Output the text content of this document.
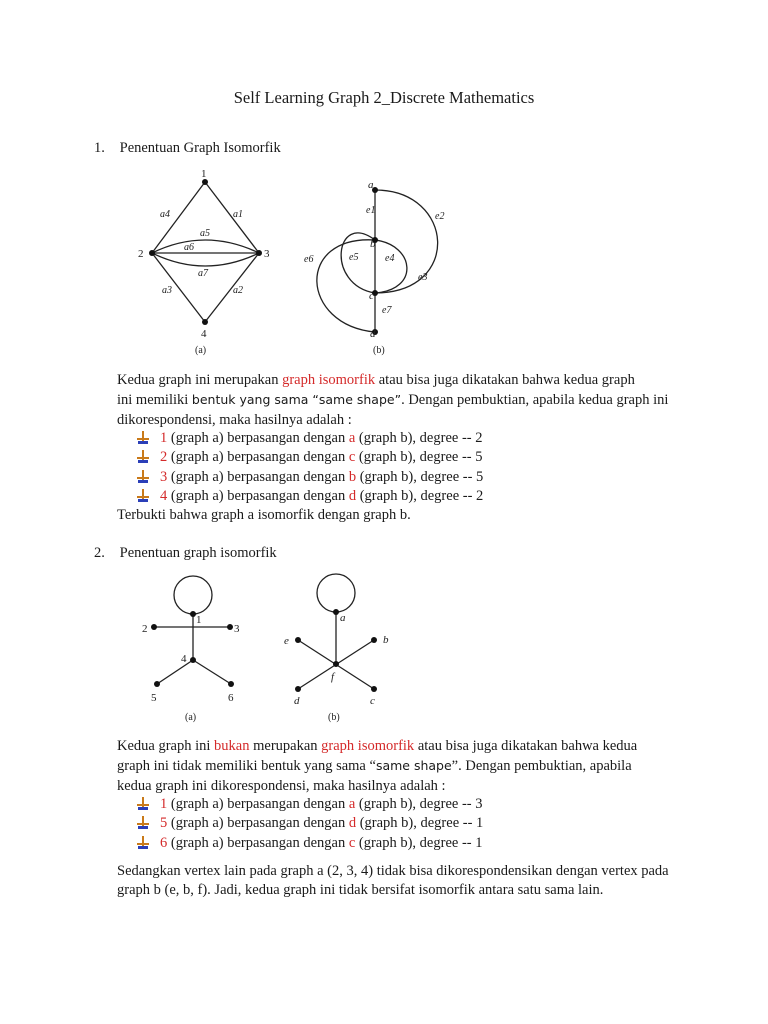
Self Learning Graph 2_Discrete Mathematics
1. Penentuan Graph Isomorfik
1
2	3
4
a4	a1
a5
a6
a7
a3	a2
(a)
a
b
c
d
e1
e2
e6	e5	e4
e3
e7
(b)
Kedua graph ini merupakan graph isomorfik atau bisa juga dikatakan bahwa kedua graph
ini memiliki bentuk yang sama “same shape”. Dengan pembuktian, apabila kedua graph ini
dikorespondensi, maka hasilnya adalah :
1 (graph a) berpasangan dengan a (graph b), degree -- 2
2 (graph a) berpasangan dengan c (graph b), degree -- 5
3 (graph a) berpasangan dengan b (graph b), degree -- 5
4 (graph a) berpasangan dengan d (graph b), degree -- 2
Terbukti bahwa graph a isomorfik dengan graph b.
2. Penentuan graph isomorfik
1
2	3
4
5	6
(a)
a
b
c
d
e
f
(b)
Kedua graph ini bukan merupakan graph isomorfik atau bisa juga dikatakan bahwa kedua
graph ini tidak memiliki bentuk yang sama “same shape”. Dengan pembuktian, apabila
kedua graph ini dikorespondensi, maka hasilnya adalah :
1 (graph a) berpasangan dengan a (graph b), degree -- 3
5 (graph a) berpasangan dengan d (graph b), degree -- 1
6 (graph a) berpasangan dengan c (graph b), degree -- 1
Sedangkan vertex lain pada graph a (2, 3, 4) tidak bisa dikorespondensikan dengan vertex pada graph b (e, b, f). Jadi, kedua graph ini tidak bersifat isomorfik antara satu sama lain.
